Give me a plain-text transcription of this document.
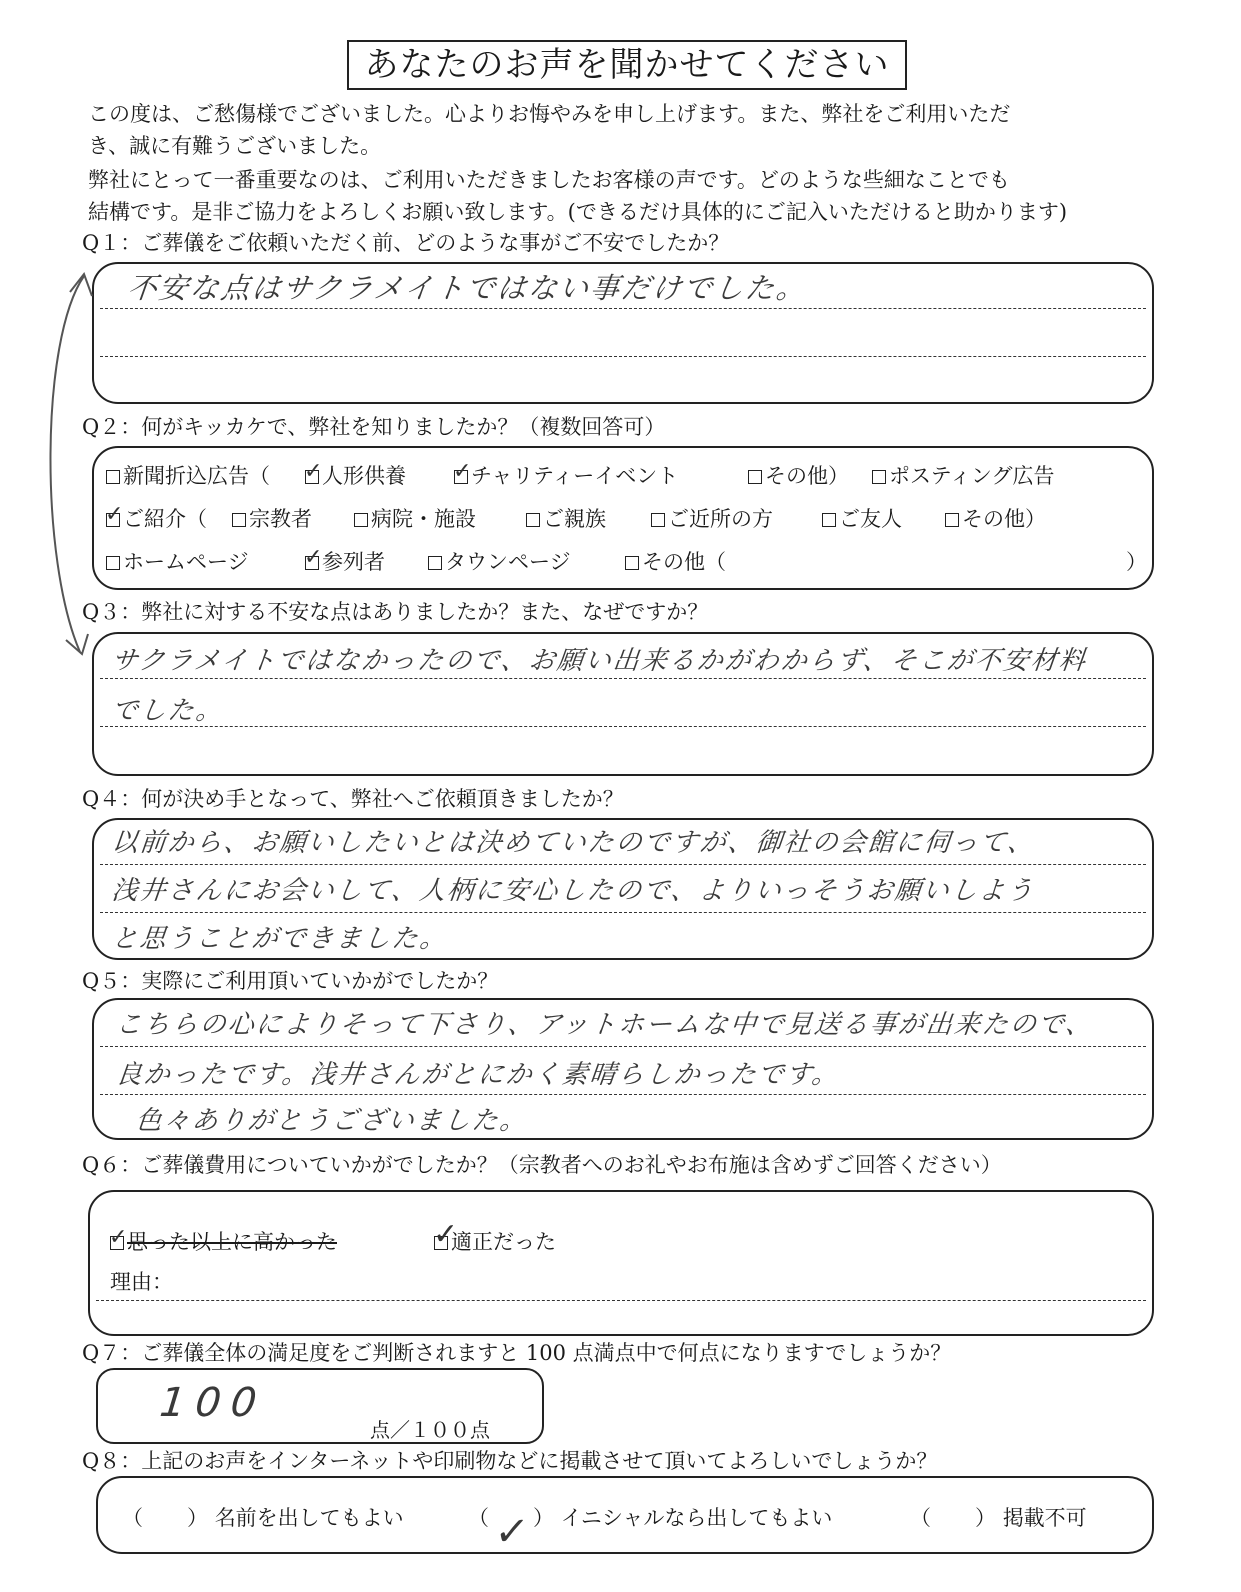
あなたのお声を聞かせてください
この度は、ご愁傷様でございました。心よりお悔やみを申し上げます。また、弊社をご利用いただ
き、誠に有難うございました。
弊社にとって一番重要なのは、ご利用いただきましたお客様の声です。どのような些細なことでも
結構です。是非ご協力をよろしくお願い致します。(できるだけ具体的にご記入いただけると助かります)
Q１：ご葬儀をご依頼いただく前、どのような事がご不安でしたか？
不安な点はサクラメイトではない事だけでした。
Q２：何がキッカケで、弊社を知りましたか？（複数回答可）
新聞折込広告（ ✓ 人形供養 ✓ チャリティーイベント	その他）	ポスティング広告
✓ ご紹介（	宗教者	病院・施設	ご親族	ご近所の方	ご友人	その他）
ホームページ	✓ 参列者	タウンページ	その他（	）
Q３：弊社に対する不安な点はありましたか？また、なぜですか？
サクラメイトではなかったので、お願い出来るかがわからず、そこが不安材料
でした。
Q４：何が決め手となって、弊社へご依頼頂きましたか？
以前から、お願いしたいとは決めていたのですが、御社の会館に伺って、
浅井さんにお会いして、人柄に安心したので、よりいっそうお願いしよう
と思うことができました。
Q５：実際にご利用頂いていかがでしたか？
こちらの心によりそって下さり、アットホームな中で見送る事が出来たので、
良かったです。浅井さんがとにかく素晴らしかったです。
色々ありがとうございました。
Q６：ご葬儀費用についていかがでしたか？（宗教者へのお礼やお布施は含めずご回答ください）
✓ 思った以上に高かった	✓
適正だった
理由：
Q７：ご葬儀全体の満足度をご判断されますと 100 点満点中で何点になりますでしょうか？
100
点／１００点
Q８：上記のお声をインターネットや印刷物などに掲載させて頂いてよろしいでしょうか？
（ ） 名前を出してもよい	（ ✓ ） イニシャルなら出してもよい	（ ） 掲載不可
